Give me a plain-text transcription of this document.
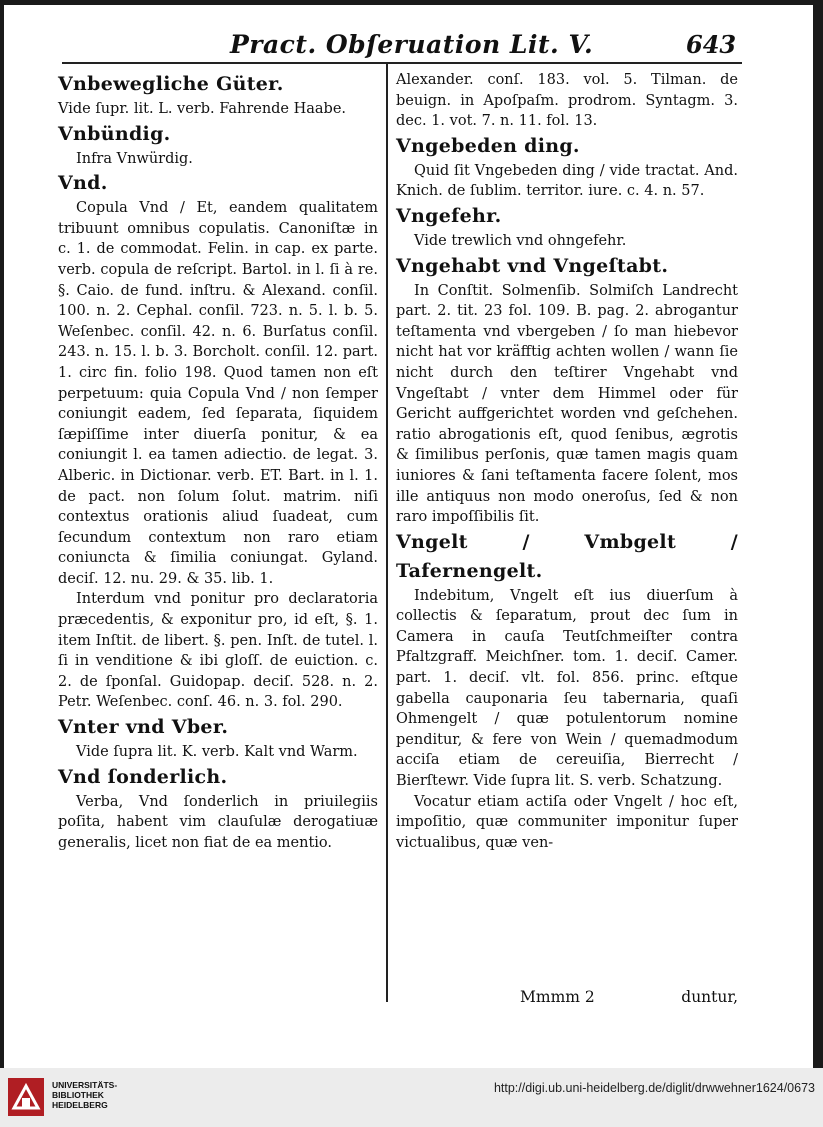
Pract. Obſeruation Lit. V.	643

Vnbewegliche Güter.

Vide ſupr. lit. L. verb. Fahrende Haabe.

Vnbündig.

Infra Vnwürdig.

Vnd.

Copula Vnd / Et, eandem qualitatem tribuunt omnibus copulatis. Canoniſtæ in c. 1. de commodat. Felin. in cap. ex parte. verb. copula de reſcript. Bartol. in l. ſi à re. §. Caio. de fund. inſtru. & Alexand. conſil. 100. n. 2. Cephal. conſil. 723. n. 5. l. b. 5. Weſenbec. conſil. 42. n. 6. Burſatus conſil. 243. n. 15. l. b. 3. Borcholt. conſil. 12. part. 1. circ fin. folio 198. Quod tamen non eſt perpetuum: quia Copula Vnd / non ſemper coniungit eadem, ſed ſeparata, ſiquidem ſæpiſſime inter diuerſa ponitur, & ea coniungit l. ea tamen adiectio. de legat. 3. Alberic. in Dictionar. verb. ET. Bart. in l. 1. de pact. non ſolum ſolut. matrim. niſi contextus orationis aliud ſuadeat, cum ſecundum contextum non raro etiam coniuncta & ſimilia coniungat. Gyland. deciſ. 12. nu. 29. & 35. lib. 1.

Interdum vnd ponitur pro declaratoria præcedentis, & exponitur pro, id eſt, §. 1. item Inſtit. de libert. §. pen. Inſt. de tutel. l. ſi in venditione & ibi gloſſ. de euiction. c. 2. de ſponſal. Guidopap. deciſ. 528. n. 2. Petr. Weſenbec. conſ. 46. n. 3. fol. 290.

Vnter vnd Vber.

Vide ſupra lit. K. verb. Kalt vnd Warm.

Vnd ſonderlich.

Verba, Vnd ſonderlich in priuilegiis poſita, habent vim clauſulæ derogatiuæ generalis, licet non fiat de ea mentio.

Alexander. conſ. 183. vol. 5. Tilman. de beuign. in Apoſpaſm. prodrom. Syntagm. 3. dec. 1. vot. 7. n. 11. fol. 13.

Vngebeden ding.

Quid ſit Vngebeden ding / vide tractat. And. Knich. de ſublim. territor. iure. c. 4. n. 57.

Vngefehr.

Vide trewlich vnd ohngefehr.

Vngehabt vnd Vngeſtabt.

In Conſtit. Solmenſib. Solmiſch Landrecht part. 2. tit. 23 fol. 109. B. pag. 2. abrogantur teſtamenta vnd vbergeben / ſo man hiebevor nicht hat vor kräfftig achten wollen / wann ſie nicht durch den teſtirer Vngehabt vnd Vngeſtabt / vnter dem Himmel oder für Gericht auffgerichtet worden vnd geſchehen. ratio abrogationis eſt, quod ſenibus, ægrotis & ſimilibus perſonis, quæ tamen magis quam iuniores & ſani teſtamenta facere ſolent, mos ille antiquus non modo oneroſus, ſed & non raro impoſſibilis ſit.

Vngelt / Vmbgelt / Tafernengelt.

Indebitum, Vngelt eſt ius diuerſum à collectis & ſeparatum, prout dec ſum in Camera in cauſa Teutſchmeiſter contra Pfaltzgraff. Meichſner. tom. 1. deciſ. Camer. part. 1. deciſ. vlt. fol. 856. princ. eſtque gabella cauponaria ſeu tabernaria, quaſi Ohmengelt / quæ potulentorum nomine penditur, & fere von Wein / quemadmodum acciſa etiam de cereuiſia, Bierrecht / Bierſtewr. Vide ſupra lit. S. verb. Schatzung.

Vocatur etiam actiſa oder Vngelt / hoc eſt, impoſitio, quæ communiter imponitur ſuper victualibus, quæ ven-

Mmmm 2	duntur,
UNIVERSITÄTS-
BIBLIOTHEK
HEIDELBERG
http://digi.ub.uni-heidelberg.de/diglit/drwwehner1624/0673
